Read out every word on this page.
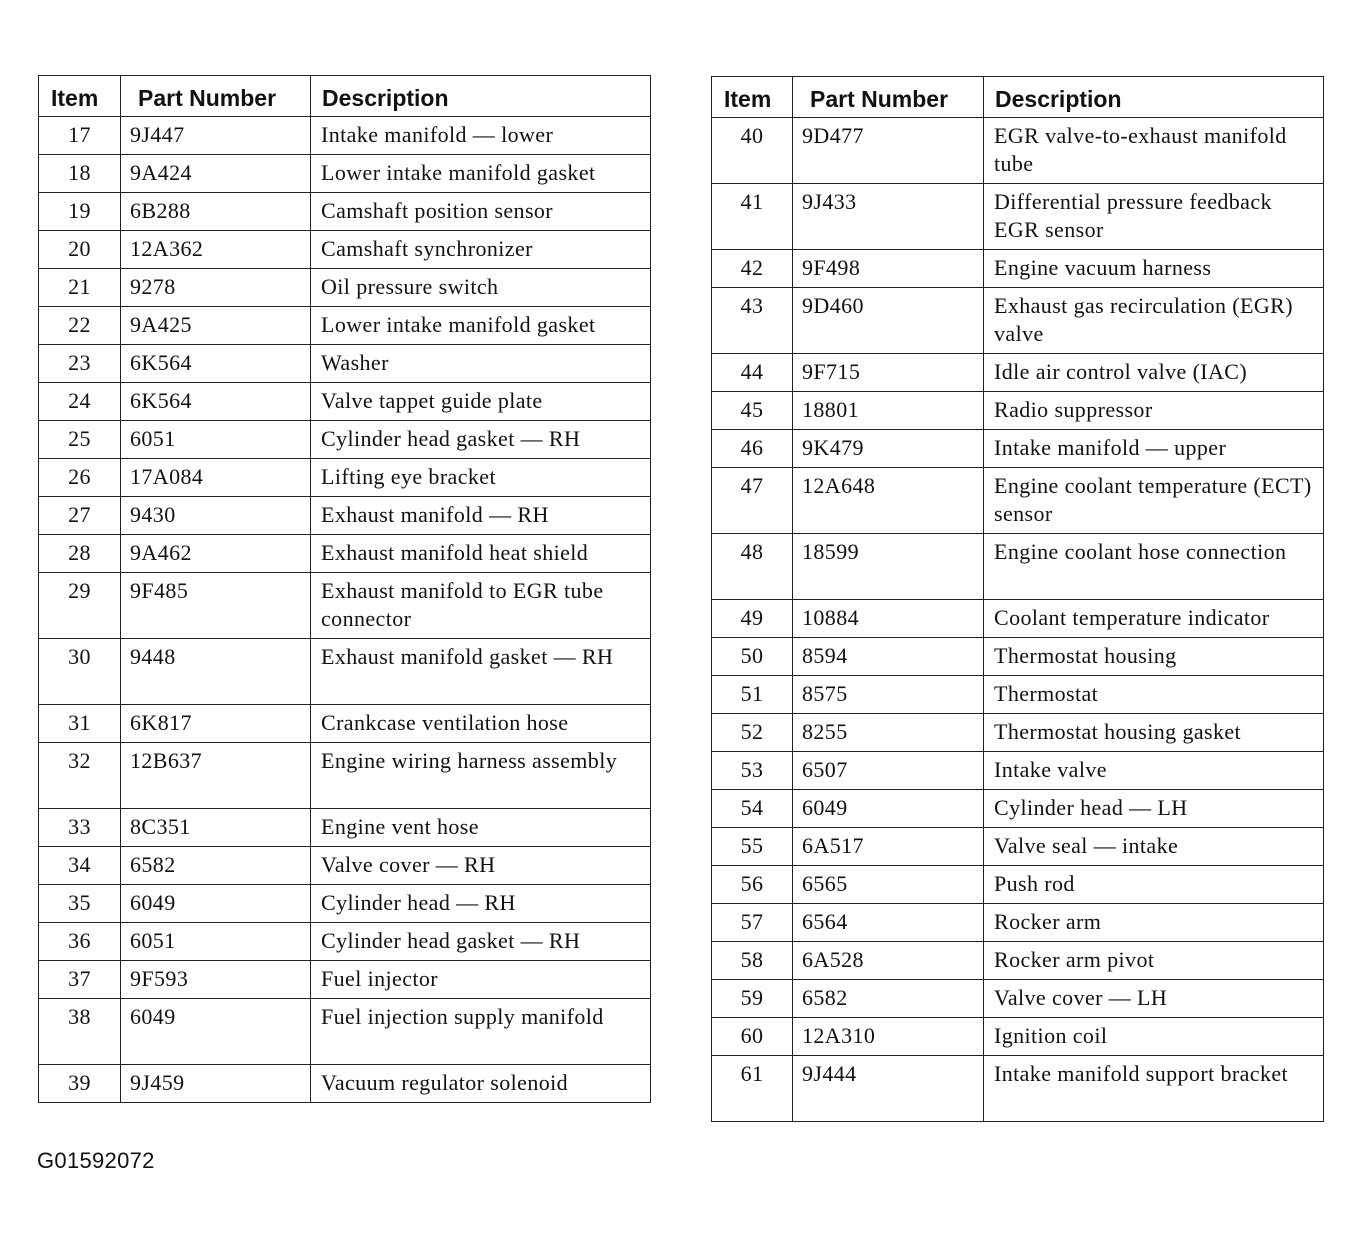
Item	Part Number	Description
17	9J447	Intake manifold — lower
18	9A424	Lower intake manifold gasket
19	6B288	Camshaft position sensor
20	12A362	Camshaft synchronizer
21	9278	Oil pressure switch
22	9A425	Lower intake manifold gasket
23	6K564	Washer
24	6K564	Valve tappet guide plate
25	6051	Cylinder head gasket — RH
26	17A084	Lifting eye bracket
27	9430	Exhaust manifold — RH
28	9A462	Exhaust manifold heat shield
29	9F485	Exhaust manifold to EGR tube connector
30	9448	Exhaust manifold gasket — RH
31	6K817	Crankcase ventilation hose
32	12B637	Engine wiring harness assembly
33	8C351	Engine vent hose
34	6582	Valve cover — RH
35	6049	Cylinder head — RH
36	6051	Cylinder head gasket — RH
37	9F593	Fuel injector
38	6049	Fuel injection supply manifold
39	9J459	Vacuum regulator solenoid
Item	Part Number	Description
40	9D477	EGR valve-to-exhaust manifold tube
41	9J433	Differential pressure feedback EGR sensor
42	9F498	Engine vacuum harness
43	9D460	Exhaust gas recirculation (EGR) valve
44	9F715	Idle air control valve (IAC)
45	18801	Radio suppressor
46	9K479	Intake manifold — upper
47	12A648	Engine coolant temperature (ECT) sensor
48	18599	Engine coolant hose connection
49	10884	Coolant temperature indicator
50	8594	Thermostat housing
51	8575	Thermostat
52	8255	Thermostat housing gasket
53	6507	Intake valve
54	6049	Cylinder head — LH
55	6A517	Valve seal — intake
56	6565	Push rod
57	6564	Rocker arm
58	6A528	Rocker arm pivot
59	6582	Valve cover — LH
60	12A310	Ignition coil
61	9J444	Intake manifold support bracket
G01592072
